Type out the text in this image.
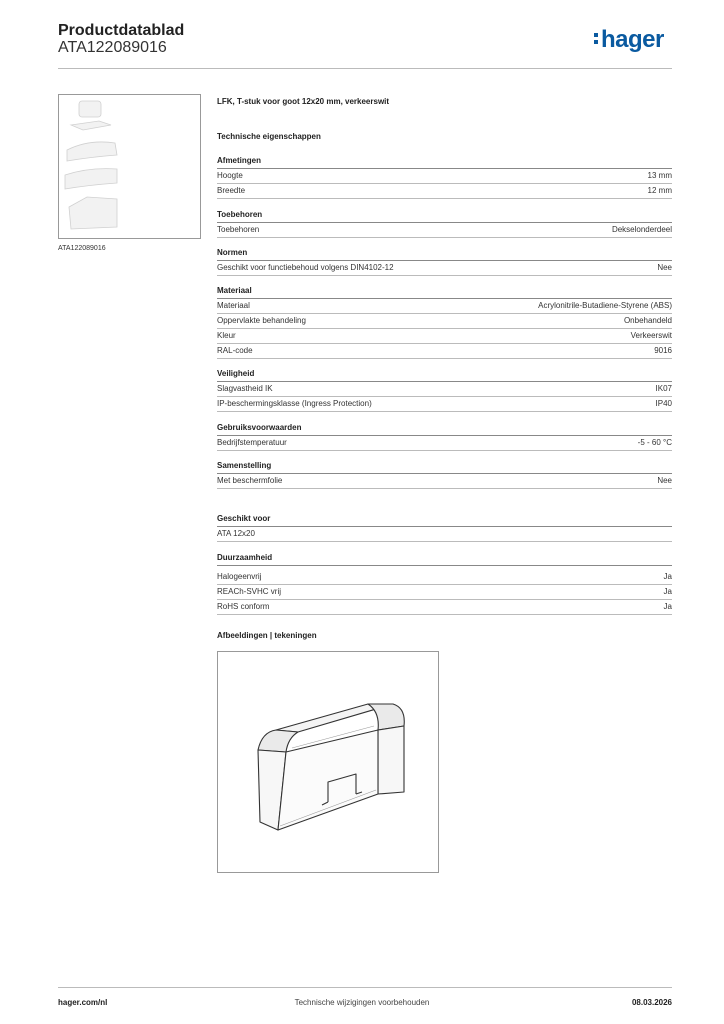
Productdatablad
ATA122089016	hager
ATA122089016
LFK, T-stuk voor goot 12x20 mm, verkeerswit
Technische eigenschappen
Afmetingen
Hoogte	13 mm
Breedte	12 mm
Toebehoren
Toebehoren	Dekselonderdeel
Normen
Geschikt voor functiebehoud volgens DIN4102-12	Nee
Materiaal
Materiaal	Acrylonitrile-Butadiene-Styrene (ABS)
Oppervlakte behandeling	Onbehandeld
Kleur	Verkeerswit
RAL-code	9016
Veiligheid
Slagvastheid IK	IK07
IP-beschermingsklasse (Ingress Protection)	IP40
Gebruiksvoorwaarden
Bedrijfstemperatuur	-5 - 60 °C
Samenstelling
Met beschermfolie	Nee
Geschikt voor
ATA 12x20
Duurzaamheid
Halogeenvrij	Ja
REACh-SVHC vrij	Ja
RoHS conform	Ja
Afbeeldingen | tekeningen
hager.com/nl	Technische wijzigingen voorbehouden	08.03.2026
